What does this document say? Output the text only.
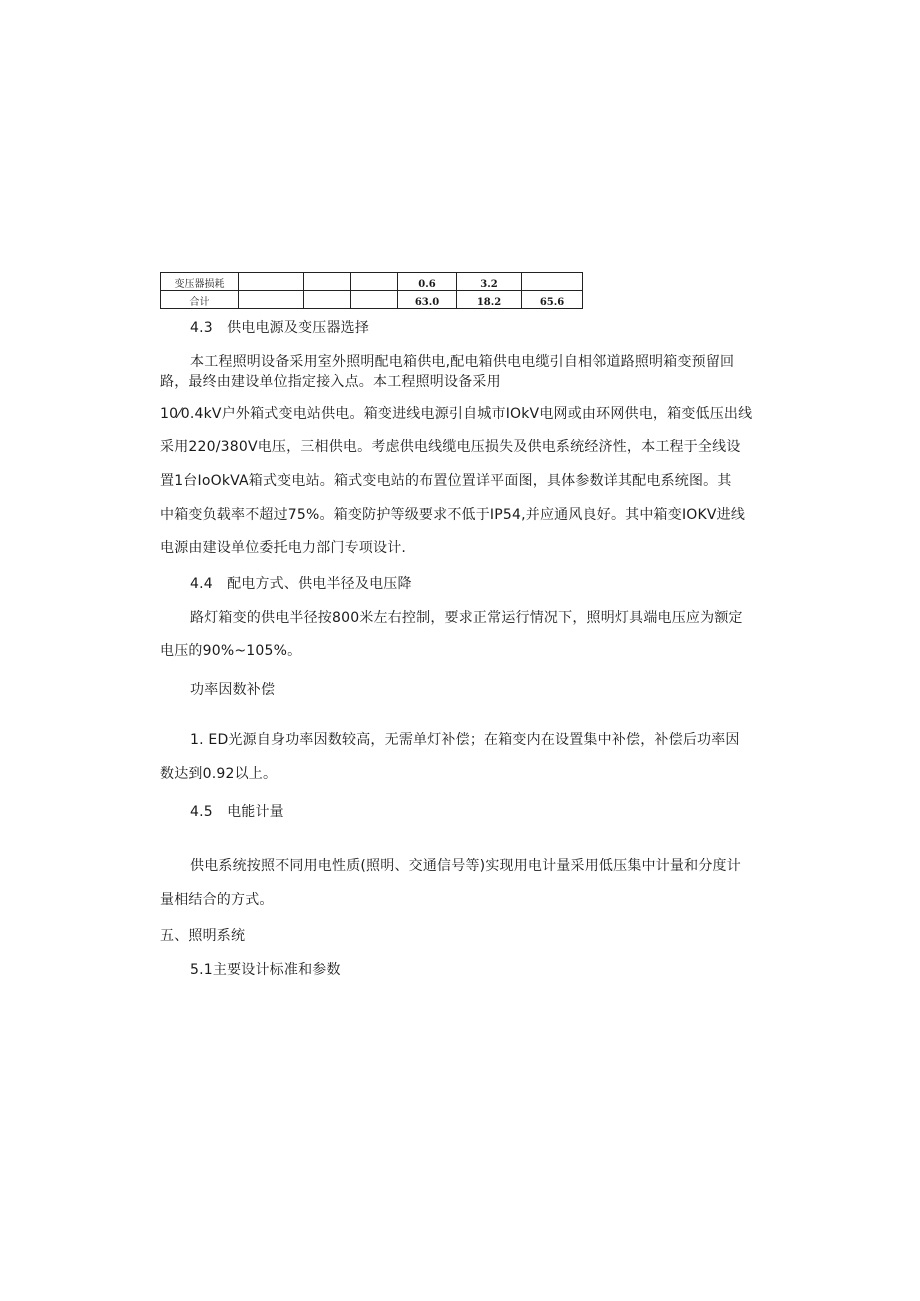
变压器损耗				0.6	3.2	
合计				63.0	18.2	65.6
4.3　供电电源及变压器选择
本工程照明设备采用室外照明配电箱供电,配电箱供电电缆引自相邻道路照明箱变预留回
路，最终由建设单位指定接入点。本工程照明设备采用
10⁄0.4kV户外箱式变电站供电。箱变进线电源引自城市IOkV电网或由环网供电，箱变低压出线
采用220/380V电压，三相供电。考虑供电线缆电压损失及供电系统经济性，本工程于全线设
置1台IoOkVA箱式变电站。箱式变电站的布置位置详平面图，具体参数详其配电系统图。其
中箱变负载率不超过75%。箱变防护等级要求不低于IP54,并应通风良好。其中箱变IOKV进线
电源由建设单位委托电力部门专项设计.
4.4　配电方式、供电半径及电压降
路灯箱变的供电半径按800米左右控制，要求正常运行情况下，照明灯具端电压应为额定
电压的90%~105%。
功率因数补偿
1. ED光源自身功率因数较高，无需单灯补偿；在箱变内在设置集中补偿，补偿后功率因
数达到0.92以上。
4.5　电能计量
供电系统按照不同用电性质(照明、交通信号等)实现用电计量采用低压集中计量和分度计
量相结合的方式。
五、照明系统
5.1主要设计标准和参数
